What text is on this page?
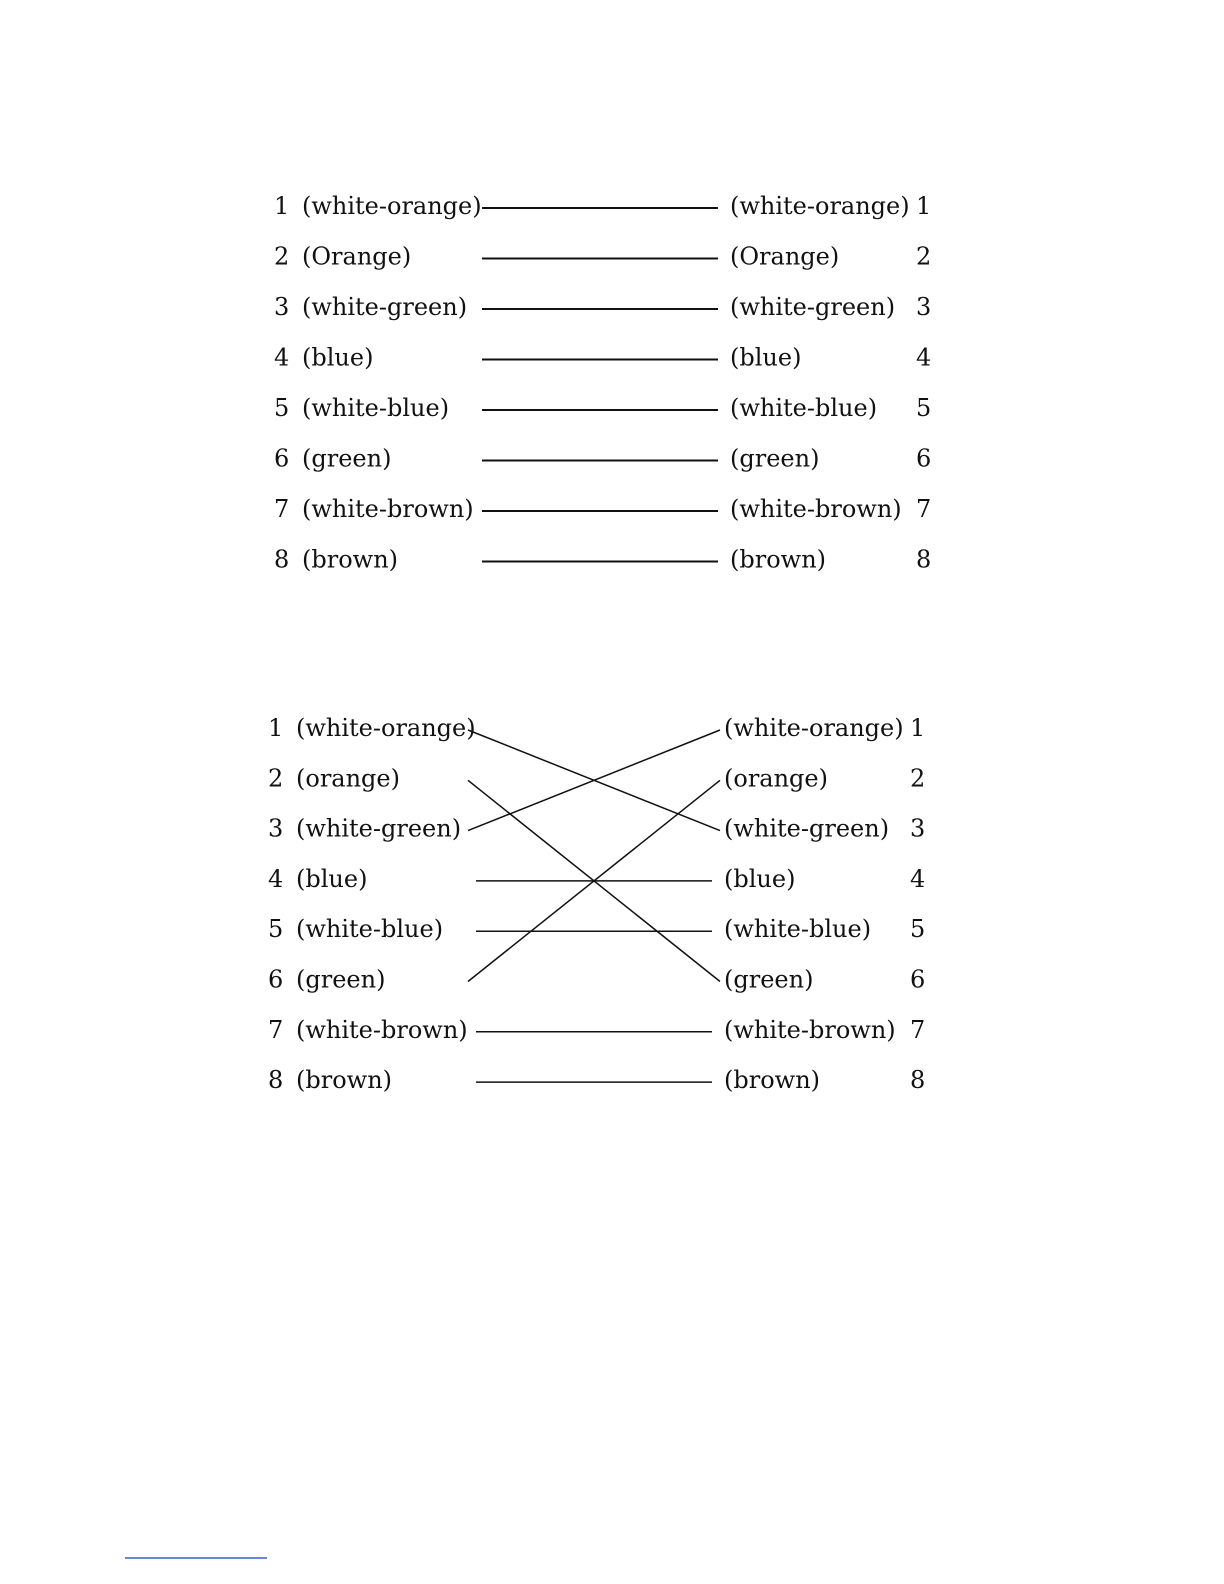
1 (white-orange)
2 (Orange)
3 (white-green)
4 (blue)
5 (white-blue)
6 (green)
7 (white-brown)
8 (brown)
(white-orange) 1
(Orange)	2
(white-green) 3
(blue)	4
(white-blue) 5
(green)	6
(white-brown) 7
(brown)	8
1 (white-orange)
2 (orange)
3 (white-green)
4 (blue)
5 (white-blue)
6 (green)
7 (white-brown)
8 (brown)
(white-orange) 1
(orange)	2
(white-green) 3
(blue)	4
(white-blue) 5
(green)	6
(white-brown) 7
(brown)	8
